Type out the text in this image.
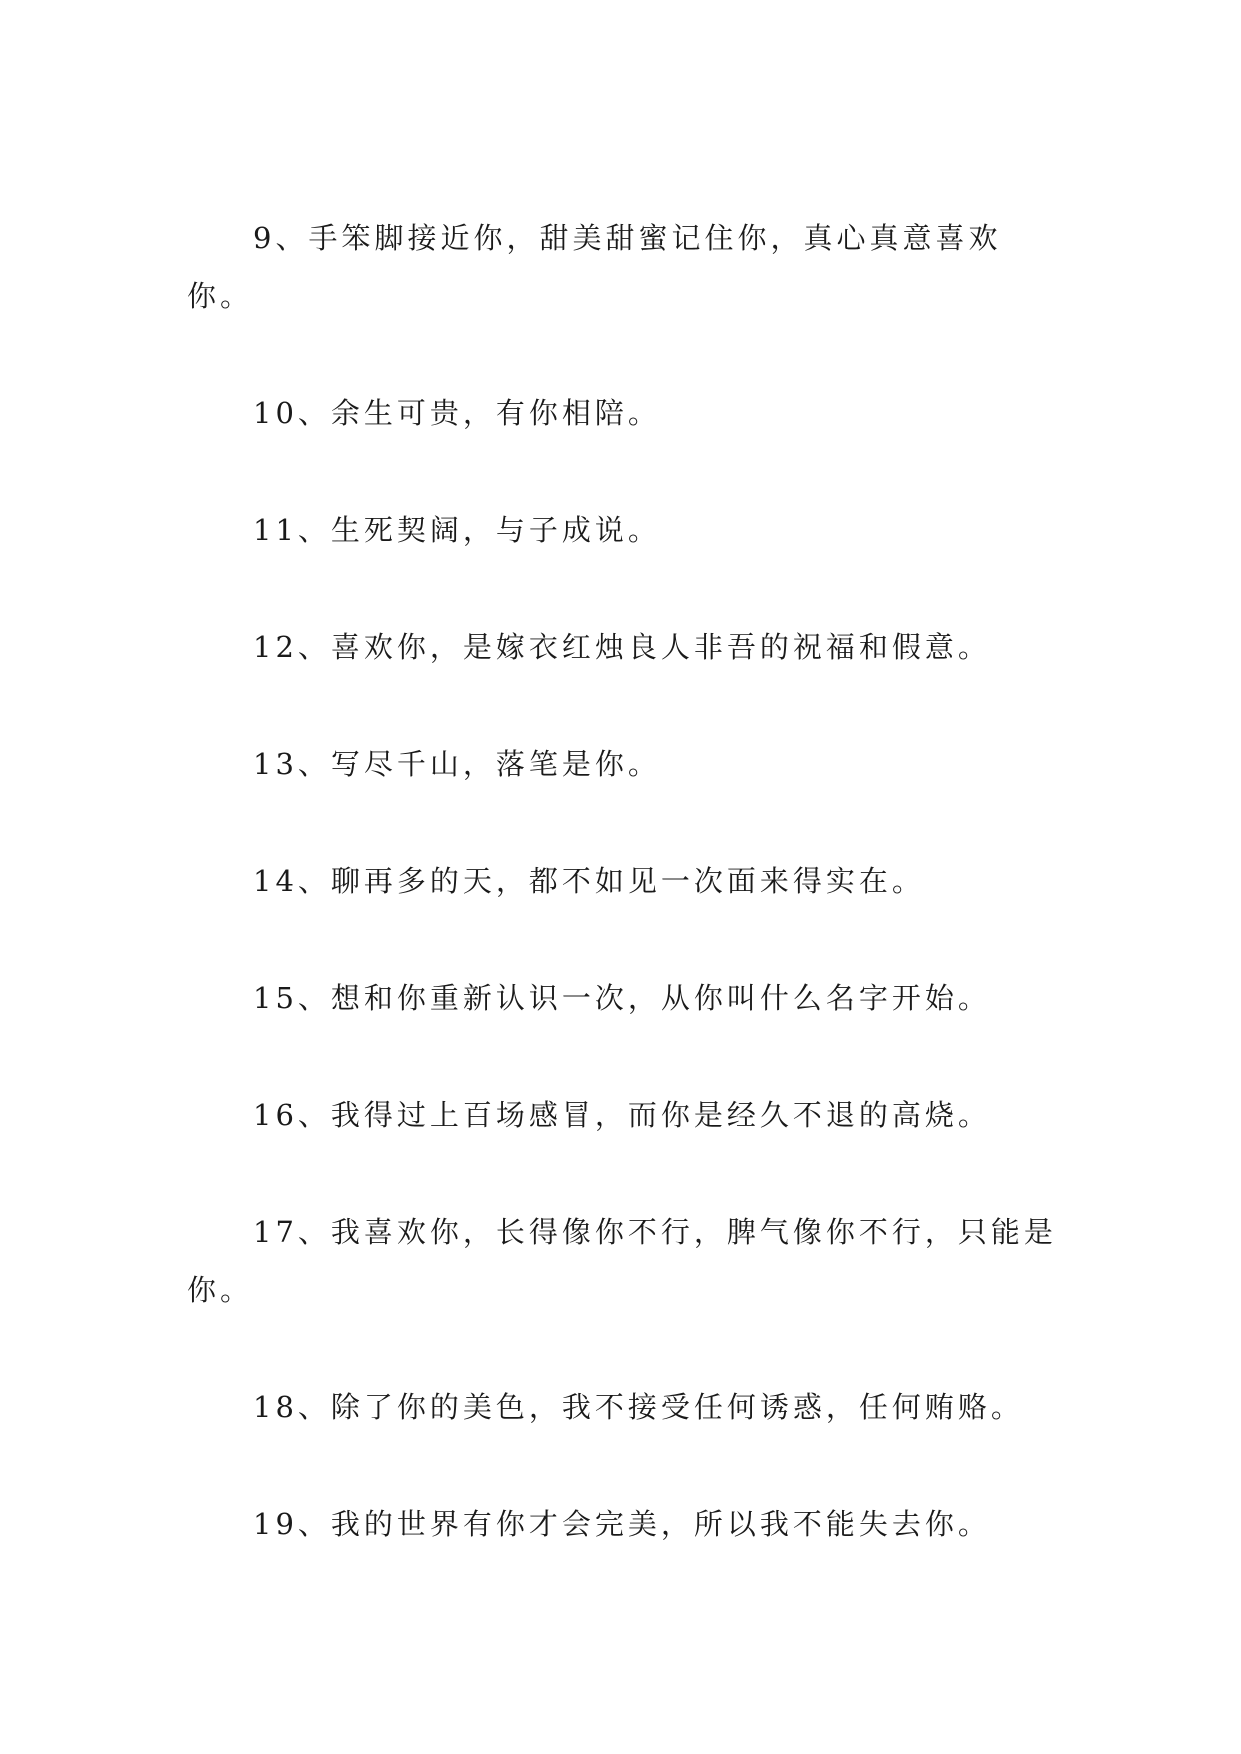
9、手笨脚接近你，甜美甜蜜记住你，真心真意喜欢你。

10、余生可贵，有你相陪。

11、生死契阔，与子成说。

12、喜欢你，是嫁衣红烛良人非吾的祝福和假意。

13、写尽千山，落笔是你。

14、聊再多的天，都不如见一次面来得实在。

15、想和你重新认识一次，从你叫什么名字开始。

16、我得过上百场感冒，而你是经久不退的高烧。

17、我喜欢你，长得像你不行，脾气像你不行，只能是你。

18、除了你的美色，我不接受任何诱惑，任何贿赂。

19、我的世界有你才会完美，所以我不能失去你。
